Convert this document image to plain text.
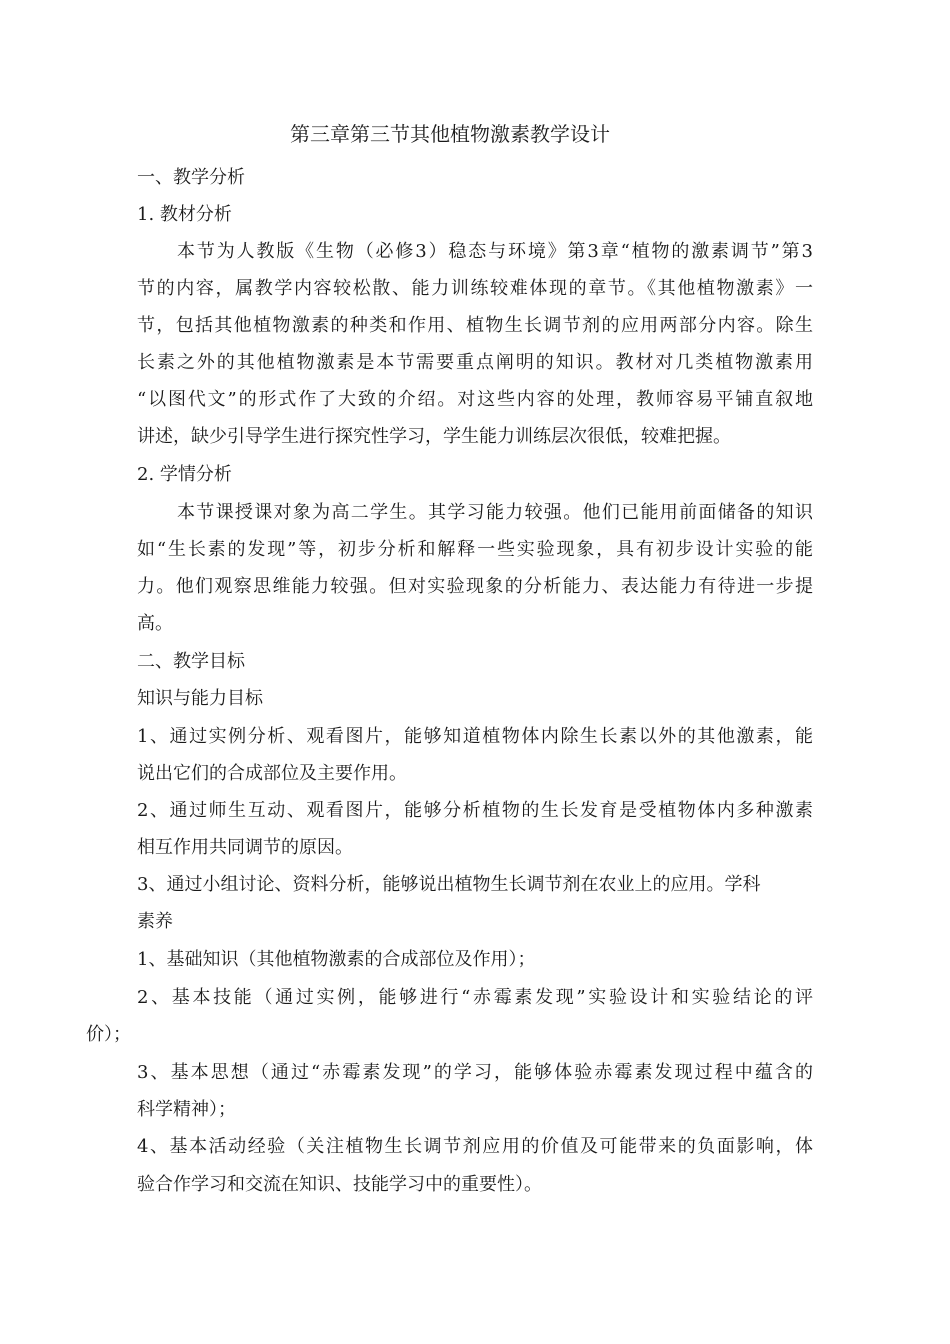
第三章第三节其他植物激素教学设计
一、教学分析
1. 教材分析
本节为人教版《生物（必修3）稳态与环境》第3章“植物的激素调节”第3
节的内容，属教学内容较松散、能力训练较难体现的章节。《其他植物激素》一
节，包括其他植物激素的种类和作用、植物生长调节剂的应用两部分内容。除生
长素之外的其他植物激素是本节需要重点阐明的知识。教材对几类植物激素用
“以图代文”的形式作了大致的介绍。对这些内容的处理，教师容易平铺直叙地
讲述，缺少引导学生进行探究性学习，学生能力训练层次很低，较难把握。
2. 学情分析
本节课授课对象为高二学生。其学习能力较强。他们已能用前面储备的知识
如“生长素的发现”等，初步分析和解释一些实验现象，具有初步设计实验的能
力。他们观察思维能力较强。但对实验现象的分析能力、表达能力有待进一步提
高。
二、教学目标
知识与能力目标
1、通过实例分析、观看图片，能够知道植物体内除生长素以外的其他激素，能
说出它们的合成部位及主要作用。
2、通过师生互动、观看图片，能够分析植物的生长发育是受植物体内多种激素
相互作用共同调节的原因。
3、通过小组讨论、资料分析，能够说出植物生长调节剂在农业上的应用。学科
素养
1、基础知识（其他植物激素的合成部位及作用）；
2、基本技能（通过实例，能够进行“赤霉素发现”实验设计和实验结论的评
价）；
3、基本思想（通过“赤霉素发现”的学习，能够体验赤霉素发现过程中蕴含的
科学精神）；
4、基本活动经验（关注植物生长调节剂应用的价值及可能带来的负面影响，体
验合作学习和交流在知识、技能学习中的重要性）。
